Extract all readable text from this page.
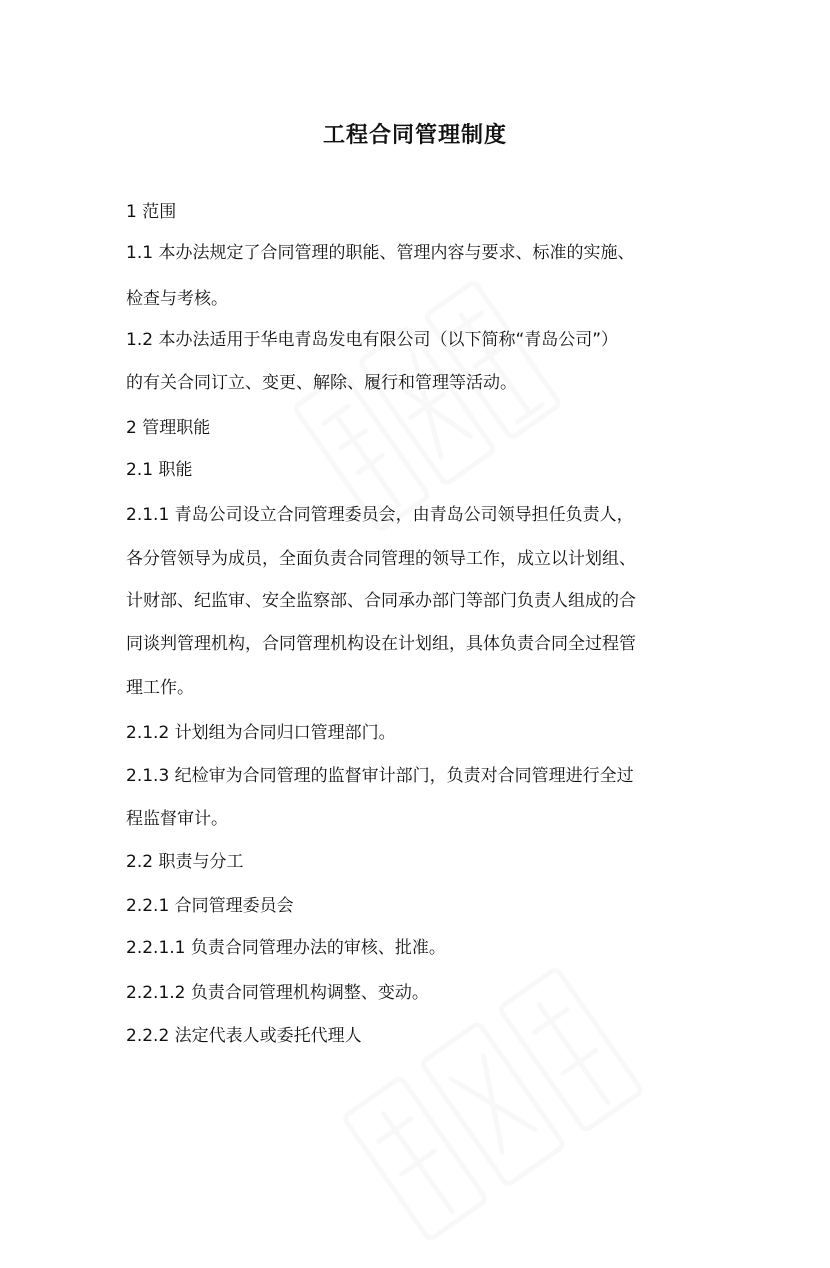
工程合同管理制度
1 范围
1.1 本办法规定了合同管理的职能、管理内容与要求、标准的实施、
检查与考核。
1.2 本办法适用于华电青岛发电有限公司（以下简称“青岛公司”）
的有关合同订立、变更、解除、履行和管理等活动。
2 管理职能
2.1 职能
2.1.1 青岛公司设立合同管理委员会，由青岛公司领导担任负责人，
各分管领导为成员，全面负责合同管理的领导工作，成立以计划组、
计财部、纪监审、安全监察部、合同承办部门等部门负责人组成的合
同谈判管理机构，合同管理机构设在计划组，具体负责合同全过程管
理工作。
2.1.2 计划组为合同归口管理部门。
2.1.3 纪检审为合同管理的监督审计部门，负责对合同管理进行全过
程监督审计。
2.2 职责与分工
2.2.1 合同管理委员会
2.2.1.1 负责合同管理办法的审核、批准。
2.2.1.2 负责合同管理机构调整、变动。
2.2.2 法定代表人或委托代理人
